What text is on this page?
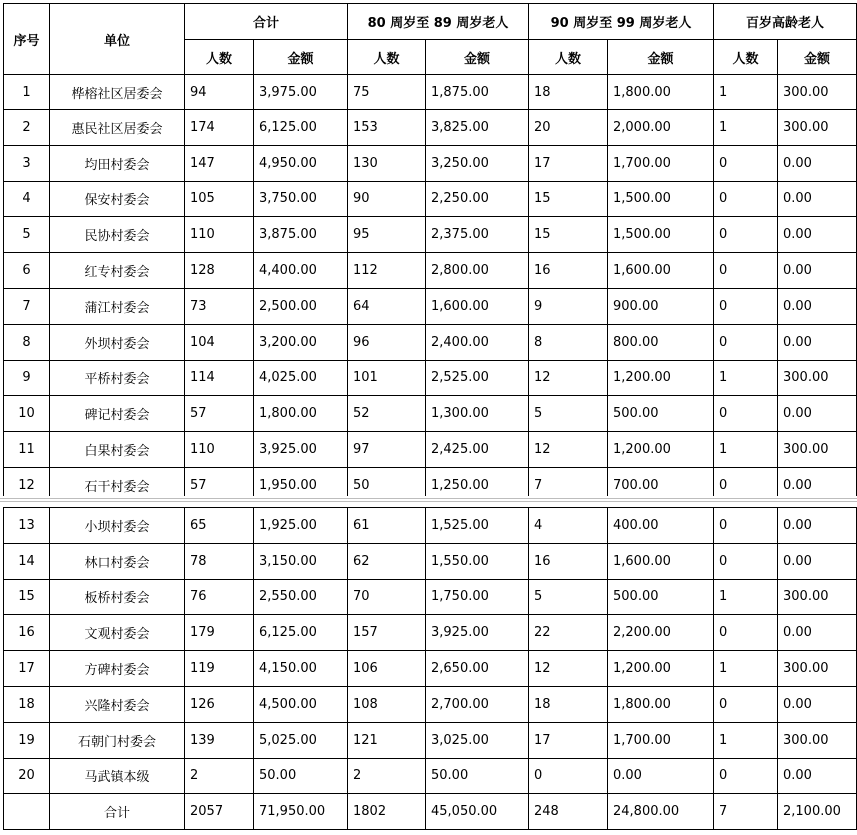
序号	单位	合计		80 周岁至 89 周岁老人		90 周岁至 99 周岁老人		百岁高龄老人	
		人数	金额	人数	金额	人数	金额	人数	金额
1	桦榕社区居委会	94	3,975.00	75	1,875.00	18	1,800.00	1	300.00
2	惠民社区居委会	174	6,125.00	153	3,825.00	20	2,000.00	1	300.00
3	均田村委会	147	4,950.00	130	3,250.00	17	1,700.00	0	0.00
4	保安村委会	105	3,750.00	90	2,250.00	15	1,500.00	0	0.00
5	民协村委会	110	3,875.00	95	2,375.00	15	1,500.00	0	0.00
6	红专村委会	128	4,400.00	112	2,800.00	16	1,600.00	0	0.00
7	蒲江村委会	73	2,500.00	64	1,600.00	9	900.00	0	0.00
8	外坝村委会	104	3,200.00	96	2,400.00	8	800.00	0	0.00
9	平桥村委会	114	4,025.00	101	2,525.00	12	1,200.00	1	300.00
10	碑记村委会	57	1,800.00	52	1,300.00	5	500.00	0	0.00
11	白果村委会	110	3,925.00	97	2,425.00	12	1,200.00	1	300.00
12	石干村委会	57	1,950.00	50	1,250.00	7	700.00	0	0.00
13	小坝村委会	65	1,925.00	61	1,525.00	4	400.00	0	0.00
14	林口村委会	78	3,150.00	62	1,550.00	16	1,600.00	0	0.00
15	板桥村委会	76	2,550.00	70	1,750.00	5	500.00	1	300.00
16	文观村委会	179	6,125.00	157	3,925.00	22	2,200.00	0	0.00
17	方碑村委会	119	4,150.00	106	2,650.00	12	1,200.00	1	300.00
18	兴隆村委会	126	4,500.00	108	2,700.00	18	1,800.00	0	0.00
19	石朝门村委会	139	5,025.00	121	3,025.00	17	1,700.00	1	300.00
20	马武镇本级	2	50.00	2	50.00	0	0.00	0	0.00
	合计	2057	71,950.00	1802	45,050.00	248	24,800.00	7	2,100.00
